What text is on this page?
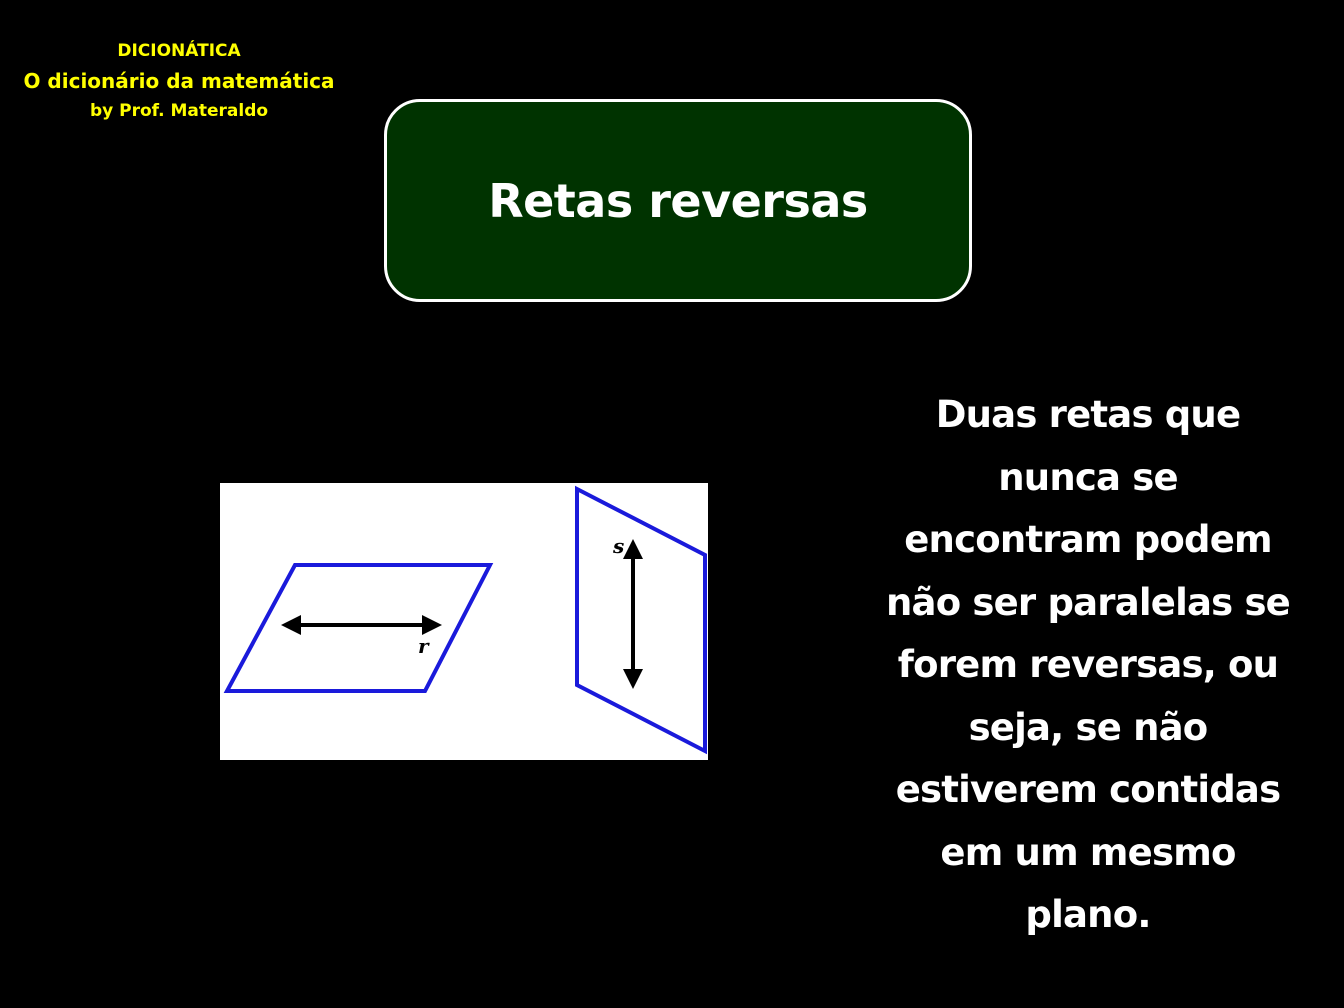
DICIONÁTICA
O dicionário da matemática
by Prof. Materaldo
Retas reversas
r
s
Duas retas que
nunca se
encontram podem
não ser paralelas se
forem reversas, ou
seja, se não
estiverem contidas
em um mesmo
plano.
